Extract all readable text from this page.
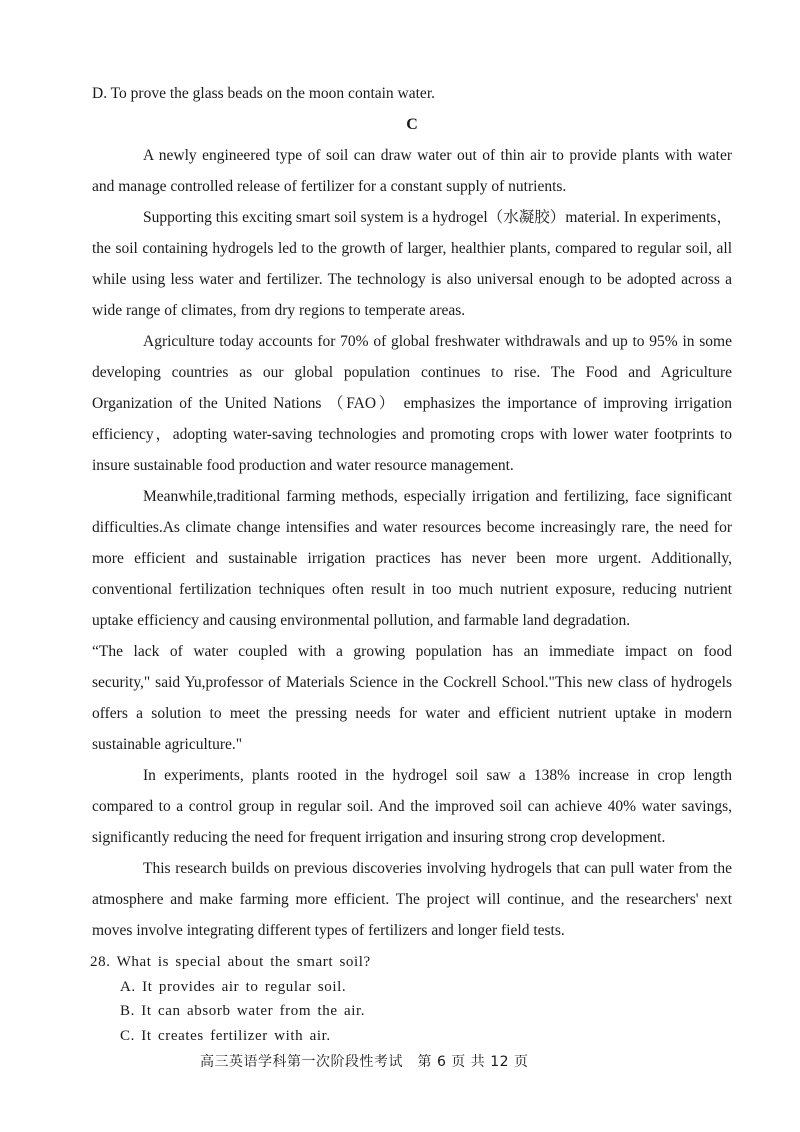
D. To prove the glass beads on the moon contain water.
C
A newly engineered type of soil can draw water out of thin air to provide plants with water
and manage controlled release of fertilizer for a constant supply of nutrients.
Supporting this exciting smart soil system is a hydrogel（水凝胶）material. In experiments，
the soil containing hydrogels led to the growth of larger, healthier plants, compared to regular soil, all
while using less water and fertilizer. The technology is also universal enough to be adopted across a
wide range of climates, from dry regions to temperate areas.
Agriculture today accounts for 70% of global freshwater withdrawals and up to 95% in some
developing countries as our global population continues to rise. The Food and Agriculture
Organization of the United Nations （FAO） emphasizes the importance of improving irrigation
efficiency，adopting water-saving technologies and promoting crops with lower water footprints to
insure sustainable food production and water resource management.
Meanwhile,traditional farming methods, especially irrigation and fertilizing, face significant
difficulties.As climate change intensifies and water resources become increasingly rare, the need for
more efficient and sustainable irrigation practices has never been more urgent. Additionally,
conventional fertilization techniques often result in too much nutrient exposure, reducing nutrient
uptake efficiency and causing environmental pollution, and farmable land degradation.
“The lack of water coupled with a growing population has an immediate impact on food
security," said Yu,professor of Materials Science in the Cockrell School."This new class of hydrogels
offers a solution to meet the pressing needs for water and efficient nutrient uptake in modern
sustainable agriculture."
In experiments, plants rooted in the hydrogel soil saw a 138% increase in crop length
compared to a control group in regular soil. And the improved soil can achieve 40% water savings,
significantly reducing the need for frequent irrigation and insuring strong crop development.
This research builds on previous discoveries involving hydrogels that can pull water from the
atmosphere and make farming more efficient. The project will continue, and the researchers' next
moves involve integrating different types of fertilizers and longer field tests.
28. What is special about the smart soil?
A. It provides air to regular soil.
B. It can absorb water from the air.
C. It creates fertilizer with air.
高三英语学科第一次阶段性考试　第 6 页 共 12 页
